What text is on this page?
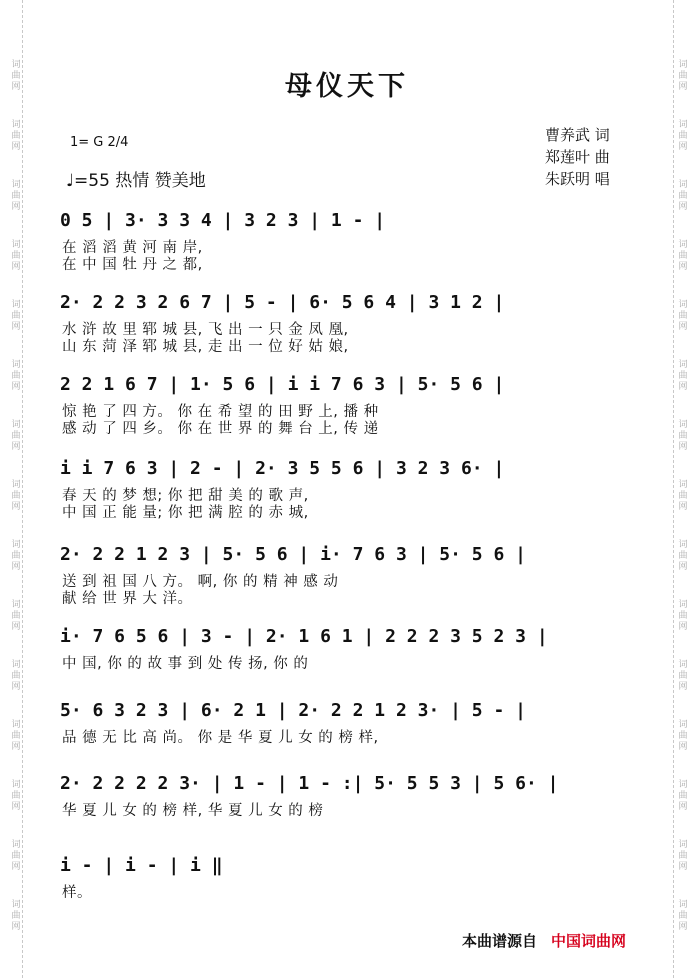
母仪天下
1= G 2/4
♩=55 热情 赞美地
曹养武 词
郑莲叶 曲
朱跃明 唱
0 5 | 3· 3 3 4 | 3 2 3 | 1 - |
在 滔 滔 黄 河 南 岸,
在 中 国 牡 丹 之 都,
2· 2 2 3 2 6 7 | 5 - | 6· 5 6 4 | 3 1 2 |
水 浒 故 里 郓 城 县, 飞 出 一 只 金 凤 凰,
山 东 菏 泽 郓 城 县, 走 出 一 位 好 姑 娘,
2 2 1 6 7 | 1· 5 6 | i i 7 6 3 | 5· 5 6 |
惊 艳 了 四 方。 你 在 希 望 的 田 野 上, 播 种
感 动 了 四 乡。 你 在 世 界 的 舞 台 上, 传 递
i i 7 6 3 | 2 - | 2· 3 5 5 6 | 3 2 3 6· |
春 天 的 梦 想; 你 把 甜 美 的 歌 声,
中 国 正 能 量; 你 把 满 腔 的 赤 城,
2· 2 2 1 2 3 | 5· 5 6 | i· 7 6 3 | 5· 5 6 |
送 到 祖 国 八 方。 啊, 你 的 精 神 感 动
献 给 世 界 大 洋。
i· 7 6 5 6 | 3 - | 2· 1 6 1 | 2 2 2 3 5 2 3 |
中 国, 你 的 故 事 到 处 传 扬, 你 的
5· 6 3 2 3 | 6· 2 1 | 2· 2 2 1 2 3· | 5 - |
品 德 无 比 高 尚。 你 是 华 夏 儿 女 的 榜 样,
2· 2 2 2 2 3· | 1 - | 1 - :| 5· 5 5 3 | 5 6· |
华 夏 儿 女 的 榜 样, 华 夏 儿 女 的 榜
i - | i - | i ‖
样。
本曲谱源自 中国词曲网
词
曲
网
词
曲
网
词
曲
网
词
曲
网
词
曲
网
词
曲
网
词
曲
网
词
曲
网
词
曲
网
词
曲
网
词
曲
网
词
曲
网
词
曲
网
词
曲
网
词
曲
网
词
曲
网
词
曲
网
词
曲
网
词
曲
网
词
曲
网
词
曲
网
词
曲
网
词
曲
网
词
曲
网
词
曲
网
词
曲
网
词
曲
网
词
曲
网
词
曲
网
词
曲
网
